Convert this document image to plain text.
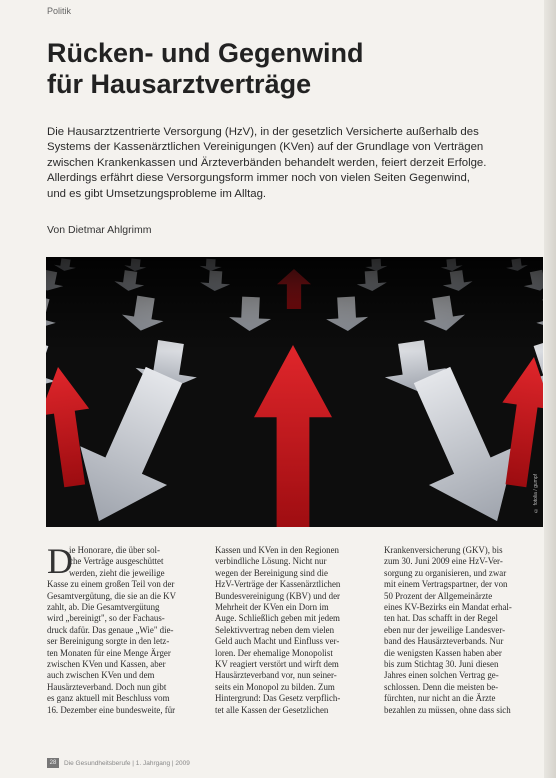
Politik
Rücken- und Gegenwind
für Hausarztverträge
Die Hausarztzentrierte Versorgung (HzV), in der gesetzlich Versicherte außerhalb des
Systems der Kassenärztlichen Vereinigungen (KVen) auf der Grundlage von Verträgen
zwischen Krankenkassen und Ärzteverbänden behandelt werden, feiert derzeit Erfolge.
Allerdings erfährt diese Versorgungsform immer noch von vielen Seiten Gegenwind,
und es gibt Umsetzungsprobleme im Alltag.
Von Dietmar Ahlgrimm
© fotolia / gumpf
D
ie Honorare, die über sol-
che Verträge ausgeschüttet
werden, zieht die jeweilige
Kasse zu einem großen Teil von der
Gesamtvergütung, die sie an die KV
zahlt, ab. Die Gesamtvergütung
wird „bereinigt", so der Fachaus-
druck dafür. Das genaue „Wie" die-
ser Bereinigung sorgte in den letz-
ten Monaten für eine Menge Ärger
zwischen KVen und Kassen, aber
auch zwischen KVen und dem
Hausärzteverband. Doch nun gibt
es ganz aktuell mit Beschluss vom
16. Dezember eine bundesweite, für
Kassen und KVen in den Regionen
verbindliche Lösung. Nicht nur
wegen der Bereinigung sind die
HzV-Verträge der Kassenärztlichen
Bundesvereinigung (KBV) und der
Mehrheit der KVen ein Dorn im
Auge. Schließlich geben mit jedem
Selektivvertrag neben dem vielen
Geld auch Macht und Einfluss ver-
loren. Der ehemalige Monopolist
KV reagiert verstört und wirft dem
Hausärzteverband vor, nun seiner-
seits ein Monopol zu bilden. Zum
Hintergrund: Das Gesetz verpflich-
tet alle Kassen der Gesetzlichen
Krankenversicherung (GKV), bis
zum 30. Juni 2009 eine HzV-Ver-
sorgung zu organisieren, und zwar
mit einem Vertragspartner, der von
50 Prozent der Allgemeinärzte
eines KV-Bezirks ein Mandat erhal-
ten hat. Das schafft in der Regel
eben nur der jeweilige Landesver-
band des Hausärzteverbands. Nur
die wenigsten Kassen haben aber
bis zum Stichtag 30. Juni diesen
Jahres einen solchen Vertrag ge-
schlossen. Denn die meisten be-
fürchten, nur nicht an die Ärzte
bezahlen zu müssen, ohne dass sich
28	Die Gesundheitsberufe | 1. Jahrgang | 2009
